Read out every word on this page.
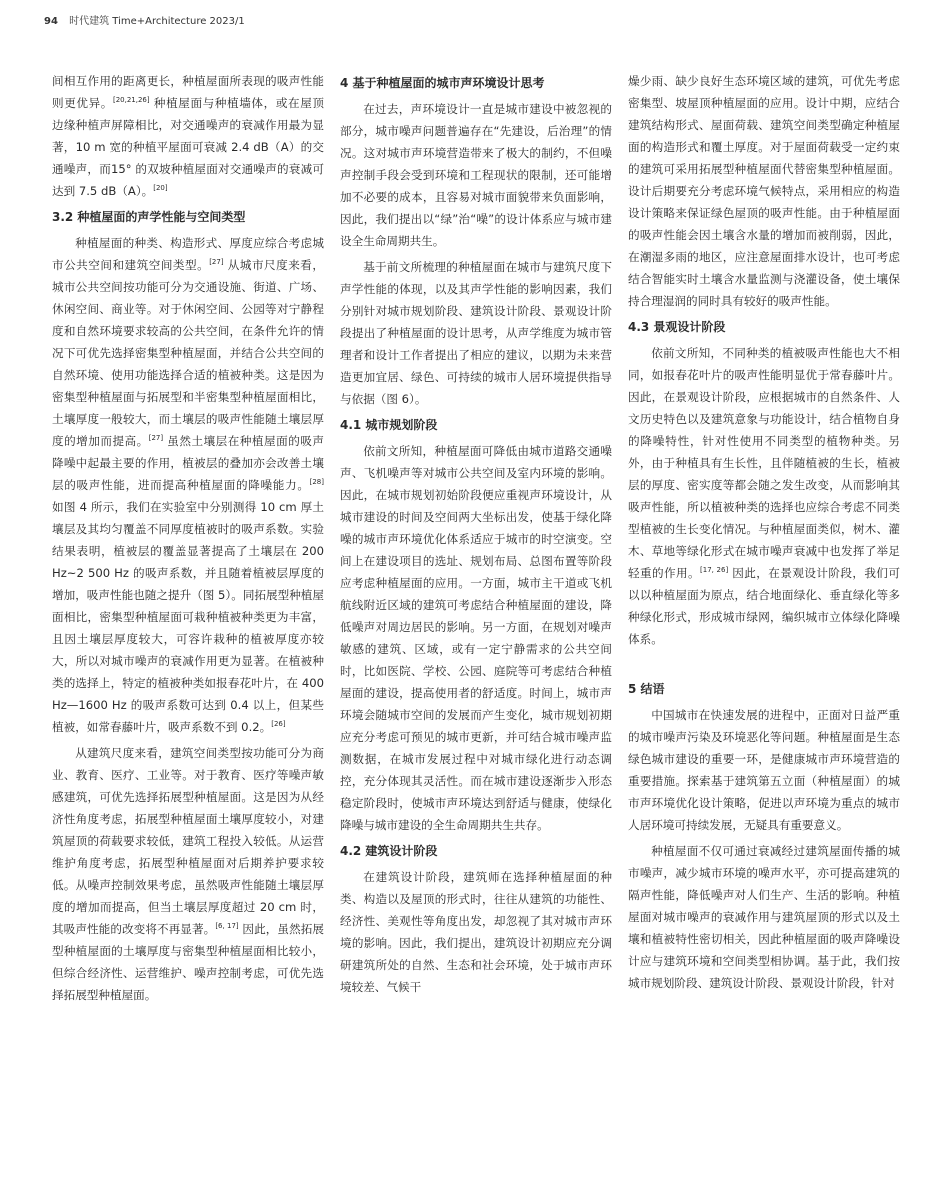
94 时代建筑 Time+Architecture 2023/1

间相互作用的距离更长，种植屋面所表现的吸声性能则更优异。[20,21,26] 种植屋面与种植墙体，或在屋顶边缘种植声屏障相比，对交通噪声的衰减作用最为显著，10 m 宽的种植平屋面可衰减 2.4 dB（A）的交通噪声，而15° 的双坡种植屋面对交通噪声的衰减可达到 7.5 dB（A）。[20]

3.2 种植屋面的声学性能与空间类型

种植屋面的种类、构造形式、厚度应综合考虑城市公共空间和建筑空间类型。[27] 从城市尺度来看，城市公共空间按功能可分为交通设施、街道、广场、休闲空间、商业等。对于休闲空间、公园等对宁静程度和自然环境要求较高的公共空间，在条件允许的情况下可优先选择密集型种植屋面，并结合公共空间的自然环境、使用功能选择合适的植被种类。这是因为密集型种植屋面与拓展型和半密集型种植屋面相比，土壤厚度一般较大，而土壤层的吸声性能随土壤层厚度的增加而提高。[27] 虽然土壤层在种植屋面的吸声降噪中起最主要的作用，植被层的叠加亦会改善土壤层的吸声性能，进而提高种植屋面的降噪能力。[28] 如图 4 所示，我们在实验室中分别测得 10 cm 厚土壤层及其均匀覆盖不同厚度植被时的吸声系数。实验结果表明，植被层的覆盖显著提高了土壤层在 200 Hz~2 500 Hz 的吸声系数，并且随着植被层厚度的增加，吸声性能也随之提升（图 5）。同拓展型种植屋面相比，密集型种植屋面可栽种植被种类更为丰富，且因土壤层厚度较大，可容许栽种的植被厚度亦较大，所以对城市噪声的衰减作用更为显著。在植被种类的选择上，特定的植被种类如报春花叶片，在 400 Hz—1600 Hz 的吸声系数可达到 0.4 以上，但某些植被，如常春藤叶片，吸声系数不到 0.2。[26]

从建筑尺度来看，建筑空间类型按功能可分为商业、教育、医疗、工业等。对于教育、医疗等噪声敏感建筑，可优先选择拓展型种植屋面。这是因为从经济性角度考虑，拓展型种植屋面土壤厚度较小，对建筑屋顶的荷载要求较低，建筑工程投入较低。从运营维护角度考虑，拓展型种植屋面对后期养护要求较低。从噪声控制效果考虑，虽然吸声性能随土壤层厚度的增加而提高，但当土壤层厚度超过 20 cm 时，其吸声性能的改变将不再显著。[6, 17] 因此，虽然拓展型种植屋面的土壤厚度与密集型种植屋面相比较小，但综合经济性、运营维护、噪声控制考虑，可优先选择拓展型种植屋面。

4 基于种植屋面的城市声环境设计思考

在过去，声环境设计一直是城市建设中被忽视的部分，城市噪声问题普遍存在“先建设，后治理”的情况。这对城市声环境营造带来了极大的制约，不但噪声控制手段会受到环境和工程现状的限制，还可能增加不必要的成本，且容易对城市面貌带来负面影响，因此，我们提出以“绿”治“噪”的设计体系应与城市建设全生命周期共生。

基于前文所梳理的种植屋面在城市与建筑尺度下声学性能的体现，以及其声学性能的影响因素，我们分别针对城市规划阶段、建筑设计阶段、景观设计阶段提出了种植屋面的设计思考，从声学维度为城市管理者和设计工作者提出了相应的建议，以期为未来营造更加宜居、绿色、可持续的城市人居环境提供指导与依据（图 6）。

4.1 城市规划阶段

依前文所知，种植屋面可降低由城市道路交通噪声、飞机噪声等对城市公共空间及室内环境的影响。因此，在城市规划初始阶段便应重视声环境设计，从城市建设的时间及空间两大坐标出发，使基于绿化降噪的城市声环境优化体系适应于城市的时空演变。空间上在建设项目的选址、规划布局、总图布置等阶段应考虑种植屋面的应用。一方面，城市主干道或飞机航线附近区域的建筑可考虑结合种植屋面的建设，降低噪声对周边居民的影响。另一方面，在规划对噪声敏感的建筑、区域，或有一定宁静需求的公共空间时，比如医院、学校、公园、庭院等可考虑结合种植屋面的建设，提高使用者的舒适度。时间上，城市声环境会随城市空间的发展而产生变化，城市规划初期应充分考虑可预见的城市更新，并可结合城市噪声监测数据，在城市发展过程中对城市绿化进行动态调控，充分体现其灵活性。而在城市建设逐渐步入形态稳定阶段时，使城市声环境达到舒适与健康，使绿化降噪与城市建设的全生命周期共生共存。

4.2 建筑设计阶段

在建筑设计阶段，建筑师在选择种植屋面的种类、构造以及屋顶的形式时，往往从建筑的功能性、经济性、美观性等角度出发，却忽视了其对城市声环境的影响。因此，我们提出，建筑设计初期应充分调研建筑所处的自然、生态和社会环境，处于城市声环境较差、气候干

燥少雨、缺少良好生态环境区域的建筑，可优先考虑密集型、坡屋顶种植屋面的应用。设计中期，应结合建筑结构形式、屋面荷载、建筑空间类型确定种植屋面的构造形式和覆土厚度。对于屋面荷载受一定约束的建筑可采用拓展型种植屋面代替密集型种植屋面。设计后期要充分考虑环境气候特点，采用相应的构造设计策略来保证绿色屋顶的吸声性能。由于种植屋面的吸声性能会因土壤含水量的增加而被削弱，因此，在潮湿多雨的地区，应注意屋面排水设计，也可考虑结合智能实时土壤含水量监测与浇灌设备，使土壤保持合理湿润的同时具有较好的吸声性能。

4.3 景观设计阶段

依前文所知，不同种类的植被吸声性能也大不相同，如报春花叶片的吸声性能明显优于常春藤叶片。因此，在景观设计阶段，应根据城市的自然条件、人文历史特色以及建筑意象与功能设计，结合植物自身的降噪特性，针对性使用不同类型的植物种类。另外，由于种植具有生长性，且伴随植被的生长，植被层的厚度、密实度等都会随之发生改变，从而影响其吸声性能，所以植被种类的选择也应综合考虑不同类型植被的生长变化情况。与种植屋面类似，树木、灌木、草地等绿化形式在城市噪声衰减中也发挥了举足轻重的作用。[17, 26] 因此，在景观设计阶段，我们可以以种植屋面为原点，结合地面绿化、垂直绿化等多种绿化形式，形成城市绿网，编织城市立体绿化降噪体系。

5 结语

中国城市在快速发展的进程中，正面对日益严重的城市噪声污染及环境恶化等问题。种植屋面是生态绿色城市建设的重要一环，是健康城市声环境营造的重要措施。探索基于建筑第五立面（种植屋面）的城市声环境优化设计策略，促进以声环境为重点的城市人居环境可持续发展，无疑具有重要意义。

种植屋面不仅可通过衰减经过建筑屋面传播的城市噪声，减少城市环境的噪声水平，亦可提高建筑的隔声性能，降低噪声对人们生产、生活的影响。种植屋面对城市噪声的衰减作用与建筑屋顶的形式以及土壤和植被特性密切相关，因此种植屋面的吸声降噪设计应与建筑环境和空间类型相协调。基于此，我们按城市规划阶段、建筑设计阶段、景观设计阶段，针对
